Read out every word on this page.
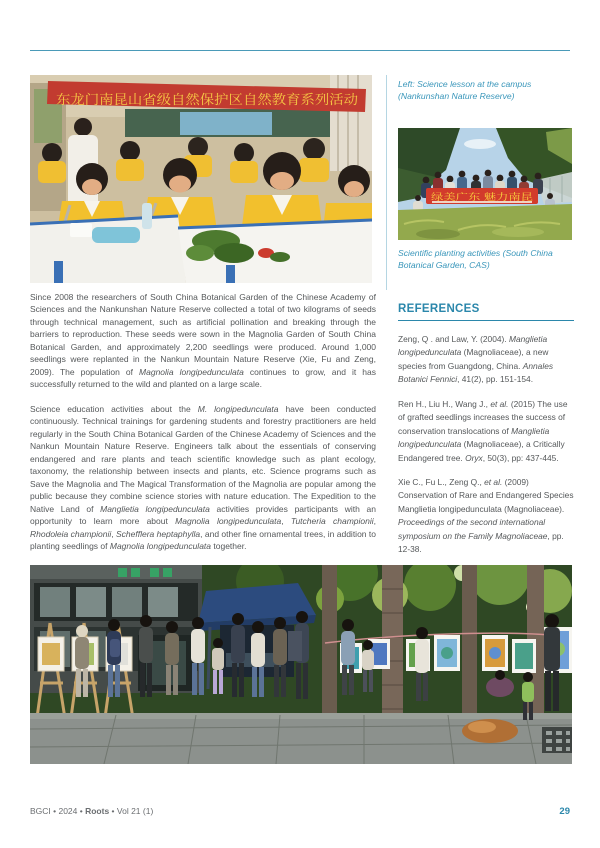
东龙门南昆山省级自然保护区自然教育系列活动
Left: Science lesson at the campus (Nankunshan Nature Reserve)
绿美广东 魅力南昆
Scientific planting activities (South China Botanical Garden, CAS)
REFERENCES

Zeng, Q . and Law, Y. (2004). Manglietia longipedunculata (Magnoliaceae), a new species from Guangdong, China. Annales Botanici Fennici, 41(2), pp. 151-154.

Ren H., Liu H., Wang J., et al. (2015) The use of grafted seedlings increases the success of conservation translocations of Manglietia longipedunculata (Magnoliaceae), a Critically Endangered tree. Oryx, 50(3), pp: 437-445.

Xie C., Fu L., Zeng Q., et al. (2009) Conservation of Rare and Endangered Species Manglietia longipedunculata (Magnoliaceae). Proceedings of the second international symposium on the Family Magnoliaceae, pp. 12-38.

Since 2008 the researchers of South China Botanical Garden of the Chinese Academy of Sciences and the Nankunshan Nature Reserve collected a total of two kilograms of seeds through technical management, such as artificial pollination and breaking through the barriers to reproduction. These seeds were sown in the Magnolia Garden of South China Botanical Garden, and approximately 2,200 seedlings were produced. Around 1,000 seedlings were replanted in the Nankun Mountain Nature Reserve (Xie, Fu and Zeng, 2009). The population of Magnolia longipedunculata continues to grow, and it has successfully returned to the wild and planted on a large scale.

Science education activities about the M. longipedunculata have been conducted continuously. Technical trainings for gardening students and forestry practitioners are held regularly in the South China Botanical Garden of the Chinese Academy of Sciences and the Nankun Mountain Nature Reserve. Engineers talk about the essentials of conserving endangered and rare plants and teach scientific knowledge such as plant ecology, taxonomy, the relationship between insects and plants, etc. Science programs such as Save the Magnolia and The Magical Transformation of the Magnolia are popular among the public because they combine science stories with nature education. The Expedition to the Native Land of Manglietia longipedunculata activities provides participants with an opportunity to learn more about Magnolia longipedunculata, Tutcheria championii, Rhodoleia championii, Schefflera heptaphylla, and other fine ornamental trees, in addition to planting seedlings of Magnolia longipedunculata together.

BGCI • 2024 • Roots • Vol 21 (1)	29
